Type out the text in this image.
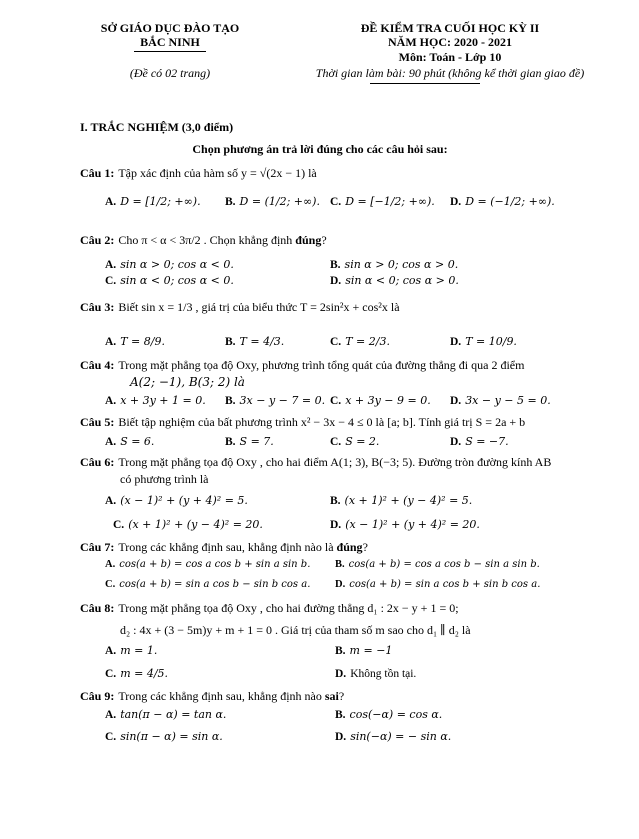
SỞ GIÁO DỤC ĐÀO TẠO
BẮC NINH
(Đề có 02 trang)
ĐỀ KIỂM TRA CUỐI HỌC KỲ II
NĂM HỌC: 2020 - 2021
Môn: Toán - Lớp 10
Thời gian làm bài: 90 phút (không kể thời gian giao đề)
I. TRẮC NGHIỆM (3,0 điểm)
Chọn phương án trả lời đúng cho các câu hỏi sau:
Câu 1: Tập xác định của hàm số y = √(2x − 1) là
A. D = [1/2; +∞). B. D = (1/2; +∞). C. D = [−1/2; +∞). D. D = (−1/2; +∞).
Câu 2: Cho π < α < 3π/2 . Chọn khẳng định đúng?
A. sin α > 0; cos α < 0.	B. sin α > 0; cos α > 0.
C. sin α < 0; cos α < 0.	D. sin α < 0; cos α > 0.
Câu 3: Biết sin x = 1/3 , giá trị của biểu thức T = 2sin²x + cos²x là
A. T = 8/9.	B. T = 4/3.	C. T = 2/3.	D. T = 10/9.
Câu 4: Trong mặt phẳng tọa độ Oxy, phương trình tổng quát của đường thẳng đi qua 2 điểm
A(2; −1), B(3; 2) là
A. x + 3y + 1 = 0. B. 3x − y − 7 = 0. C. x + 3y − 9 = 0. D. 3x − y − 5 = 0.
Câu 5: Biết tập nghiệm của bất phương trình x² − 3x − 4 ≤ 0 là [a; b]. Tính giá trị S = 2a + b
A. S = 6.	B. S = 7.	C. S = 2.	D. S = −7.
Câu 6: Trong mặt phẳng tọa độ Oxy , cho hai điểm A(1; 3), B(−3; 5). Đường tròn đường kính AB
có phương trình là
A. (x − 1)² + (y + 4)² = 5.	B. (x + 1)² + (y − 4)² = 5.
C. (x + 1)² + (y − 4)² = 20.	D. (x − 1)² + (y + 4)² = 20.
Câu 7: Trong các khẳng định sau, khẳng định nào là đúng?
A. cos(a + b) = cos a cos b + sin a sin b. B. cos(a + b) = cos a cos b − sin a sin b.
C. cos(a + b) = sin a cos b − sin b cos a. D. cos(a + b) = sin a cos b + sin b cos a.
Câu 8: Trong mặt phẳng tọa độ Oxy , cho hai đường thẳng d₁ : 2x − y + 1 = 0;
d₂ : 4x + (3 − 5m)y + m + 1 = 0 . Giá trị của tham số m sao cho d₁ ∥ d₂ là
A. m = 1.	B. m = −1
C. m = 4/5.	D. Không tồn tại.
Câu 9: Trong các khẳng định sau, khẳng định nào sai?
A. tan(π − α) = tan α.	B. cos(−α) = cos α.
C. sin(π − α) = sin α.	D. sin(−α) = − sin α.
